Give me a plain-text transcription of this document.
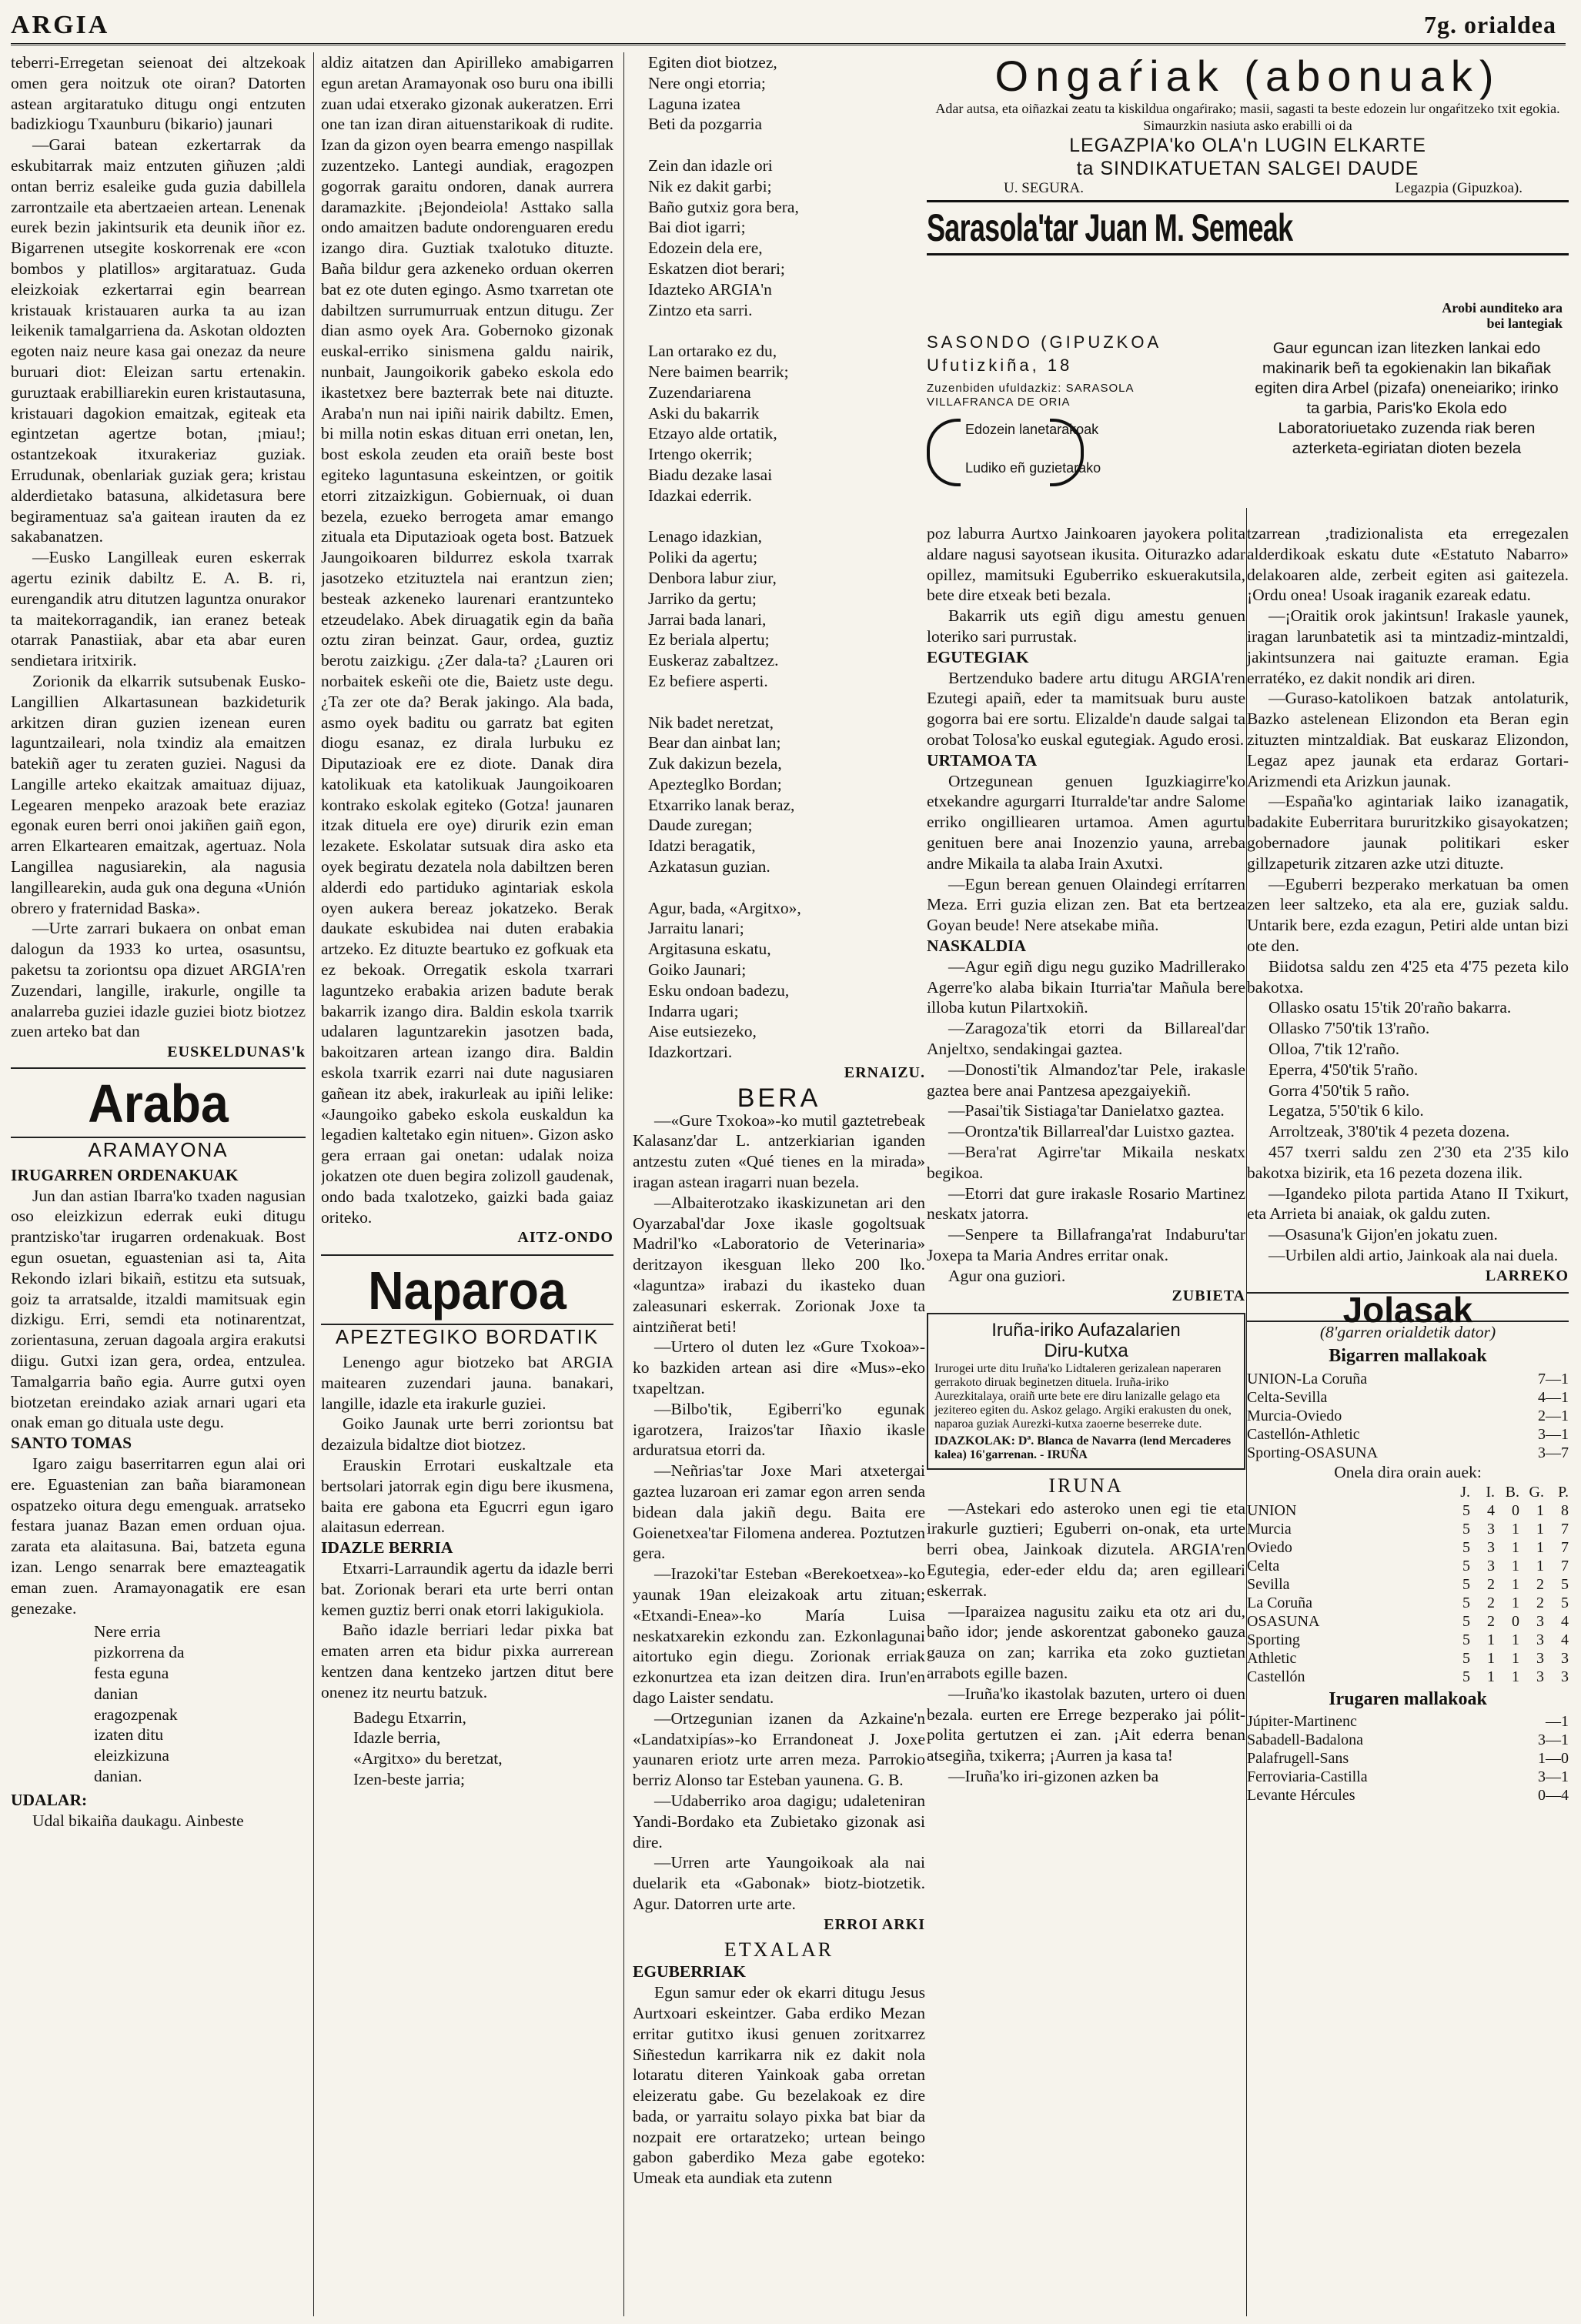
ARGIA	7g. orialdea

teberri-Erregetan seienoat dei altzekoak omen gera noitzuk ote oiran? Datorten astean argitaratuko ditugu ongi entzuten badizkiogu Txaunburu (bikario) jaunari

—Garai batean ezkertarrak da eskubitarrak maiz entzuten giñuzen ;aldi ontan berriz esaleike guda guzia dabillela zarrontzaile eta abertzaeien artean. Lenenak eurek bezin jakintsurik eta deunik iñor ez. Bigarrenen utsegite koskorrenak ere «con bombos y platillos» argitaratuaz. Guda eleizkoiak ezkertarrai egin bearrean kristauak kristauaren aurka ta au izan leikenik tamalgarriena da. Askotan oldozten egoten naiz neure kasa gai onezaz da neure buruari diot: Eleizan sartu ertenakin. guruztaak erabilliarekin euren kristautasuna, kristauari dagokion emaitzak, egiteak eta egintzetan agertze botan, ¡miau!; ostantzekoak itxurakeriaz guziak. Errudunak, obenlariak guziak gera; kristau alderdietako batasuna, alkidetasura bere begiramentuaz sa'a gaitean irauten da ez sakabanatzen.

—Eusko Langilleak euren eskerrak agertu ezinik dabiltz E. A. B. ri, eurengandik atru ditutzen laguntza onurakor ta maitekorragandik, ian eranez beteak otarrak Panastiiak, abar eta abar euren sendietara iritxirik.

Zorionik da elkarrik sutsubenak Eusko-Langillien Alkartasunean bazkideturik arkitzen diran guzien izenean euren laguntzaileari, nola txindiz ala emaitzen batekiñ ager tu zeraten guziei. Nagusi da Langille arteko ekaitzak amaituaz dijuaz, Legearen menpeko arazoak bete eraziaz egonak euren berri onoi jakiñen gaiñ egon, arren Elkartearen emaitzak, agertuaz. Nola Langillea nagusiarekin, ala nagusia langillearekin, auda guk ona deguna «Unión obrero y fraternidad Baska».

—Urte zarrari bukaera on onbat eman dalogun da 1933 ko urtea, osasuntsu, paketsu ta zoriontsu opa dizuet ARGIA'ren Zuzendari, langille, irakurle, ongille ta analarreba guziei idazle guziei biotz biotzez zuen arteko bat dan

EUSKELDUNAS'k
Araba
ARAMAYONA

IRUGARREN ORDENAKUAK

Jun dan astian Ibarra'ko txaden nagusian oso eleizkizun ederrak euki ditugu prantzisko'tar irugarren ordenakuak. Bost egun osuetan, eguastenian asi ta, Aita Rekondo izlari bikaiñ, estitzu eta sutsuak, goiz ta arratsalde, itzaldi mamitsuak egin dizkigu. Erri, semdi eta notinarentzat, zorientasuna, zeruan dagoala argira erakutsi diigu. Gutxi izan gera, ordea, entzulea. Tamalgarria baño egia. Aurre gutxi oyen biotzetan ereindako aziak arnari ugari eta onak eman go dituala uste degu.

SANTO TOMAS

Igaro zaigu baserritarren egun alai ori ere. Eguastenian zan baña biaramonean ospatzeko oitura degu emenguak. arratseko festara juanaz Bazan emen orduan ojua. zarata eta alaitasuna. Bai, batzeta eguna izan. Lengo senarrak bere emazteagatik eman zuen. Aramayonagatik ere esan genezake.

Nere erria
pizkorrena da
festa eguna
danian
eragozpenak
izaten ditu
eleizkizuna
danian.

UDALAR:

Udal bikaiña daukagu. Ainbeste

aldiz aitatzen dan Apirilleko amabigarren egun aretan Aramayonak oso buru ona ibilli zuan udai etxerako gizonak aukeratzen. Erri one tan izan diran aituenstarikoak di rudite. Izan da gizon oyen bearra emengo naspillak zuzentzeko. Lantegi aundiak, eragozpen gogorrak garaitu ondoren, danak aurrera daramazkite. ¡Bejondeiola! Asttako salla ondo amaitzen badute ondorenguaren eredu izango dira. Guztiak txalotuko dituzte. Baña bildur gera azkeneko orduan okerren bat ez ote duten egingo. Asmo txarretan ote dabiltzen surrumurruak entzun ditugu. Zer dian asmo oyek Ara. Gobernoko gizonak euskal-erriko sinismena galdu nairik, nunbait, Jaungoikorik gabeko eskola edo ikastetxez bere bazterrak bete nai dituzte. Araba'n nun nai ipiñi nairik dabiltz. Emen, bi milla notin eskas dituan erri onetan, len, bost eskola zeuden eta oraiñ beste bost egiteko laguntasuna eskeintzen, or goitik etorri zitzaizkigun. Gobiernuak, oi duan bezela, ezueko berrogeta amar emango zituala eta Diputazioak ogeta bost. Batzuek Jaungoikoaren bildurrez eskola txarrak jasotzeko etzituztela nai erantzun zien; besteak azkeneko laurenari erantzunteko etzeudelako. Abek diruagatik egin da baña oztu ziran beinzat. Gaur, ordea, guztiz berotu zaizkigu. ¿Zer dala-ta? ¿Lauren ori norbaitek eskeñi ote die, Baietz uste degu. ¿Ta zer ote da? Berak jakingo. Ala bada, asmo oyek baditu ou garratz bat egiten diogu esanaz, ez dirala lurbuku ez Diputazioak ere ez diote. Danak dira katolikuak eta katolikuak Jaungoikoaren kontrako eskolak egiteko (Gotza! jaunaren itzak dituela ere oye) dirurik ezin eman lezakete. Eskolatar sutsuak dira asko eta oyek begiratu dezatela nola dabiltzen beren alderdi edo partiduko agintariak eskola oyen aukera bereaz jokatzeko. Berak daukate eskubidea nai duten erabakia artzeko. Ez dituzte beartuko ez gofkuak eta ez bekoak. Orregatik eskola txarrari laguntzeko erabakia arizen badute berak bakarrik izango dira. Baldin eskola txarrik udalaren laguntzarekin jasotzen bada, bakoitzaren artean izango dira. Baldin eskola txarrik ezarri nai dute nagusiaren gañean itz abek, irakurleak au ipiñi lelike: «Jaungoiko gabeko eskola euskaldun ka legadien kaltetako egin nituen». Gizon asko gera erraan gai onetan: udalak noiza jokatzen ote duen begira zolizoll gaudenak, ondo bada txalotzeko, gaizki bada gaiaz oriteko.

AITZ-ONDO
Naparoa
APEZTEGIKO BORDATIK

Lenengo agur biotzeko bat ARGIA maitearen zuzendari jauna. banakari, langille, idazle eta irakurle guziei.

Goiko Jaunak urte berri zoriontsu bat dezaizula bidaltze diot biotzez.

Erauskin Errotari euskaltzale eta bertsolari jatorrak egin digu bere ikusmena, baita ere gabona eta Egucrri egun igaro alaitasun ederrean.

IDAZLE BERRIA

Etxarri-Larraundik agertu da idazle berri bat. Zorionak berari eta urte berri ontan kemen guztiz berri onak etorri lakigukiola.

Baño idazle berriari ledar pixka bat ematen arren eta bidur pixka aurrerean kentzen dana kentzeko jartzen ditut bere onenez itz neurtu batzuk.

Badegu Etxarrin,
Idazle berria,
«Argitxo» du beretzat,
Izen-beste jarria;
Egiten diot biotzez,
Nere ongi etorria;
Laguna izatea
Beti da pozgarria

Zein dan idazle ori
Nik ez dakit garbi;
Baño gutxiz gora bera,
Bai diot igarri;
Edozein dela ere,
Eskatzen diot berari;
Idazteko ARGIA'n
Zintzo eta sarri.

Lan ortarako ez du,
Nere baimen bearrik;
Zuzendariarena
Aski du bakarrik
Etzayo alde ortatik,
Irtengo okerrik;
Biadu dezake lasai
Idazkai ederrik.

Lenago idazkian,
Poliki da agertu;
Denbora labur ziur,
Jarriko da gertu;
Jarrai bada lanari,
Ez beriala alpertu;
Euskeraz zabaltzez.
Ez befiere asperti.

Nik badet neretzat,
Bear dan ainbat lan;
Zuk dakizun bezela,
Apezteglko Bordan;
Etxarriko lanak beraz,
Daude zuregan;
Idatzi beragatik,
Azkatasun guzian.

Agur, bada, «Argitxo»,
Jarraitu lanari;
Argitasuna eskatu,
Goiko Jaunari;
Esku ondoan badezu,
Indarra ugari;
Aise eutsiezeko,
Idazkortzari.
ERNAIZU.
BERA

—«Gure Txokoa»-ko mutil gaztetrebeak Kalasanz'dar L. antzerkiarian iganden antzestu zuten «Qué tienes en la mirada» iragan astean iragarri nuan bezela.

—Albaiterotzako ikaskizunetan ari den Oyarzabal'dar Joxe ikasle gogoltsuak Madril'ko «Laboratorio de Veterinaria» deritzayon ikesguan lleko 200 lko. «laguntza» irabazi du ikasteko duan zaleasunari eskerrak. Zorionak Joxe ta aintziñerat beti!

—Urtero ol duten lez «Gure Txokoa»-ko bazkiden artean asi dire «Mus»-eko txapeltzan.

—Bilbo'tik, Egiberri'ko egunak igarotzera, Iraizos'tar Iñaxio ikasle arduratsua etorri da.

—Neñrias'tar Joxe Mari atxetergai gaztea luzaroan eri zamar egon arren senda bidean dala jakiñ degu. Baita ere Goienetxea'tar Filomena anderea. Poztutzen gera.

—Irazoki'tar Esteban «Berekoetxea»-ko yaunak 19an eleizakoak artu zituan; «Etxandi-Enea»-ko María Luisa neskatxarekin ezkondu zan. Ezkonlagunai aitortuko egin diegu. Zorionak erriak ezkonurtzea eta izan deitzen dira. Irun'en dago Laister sendatu.

—Ortzegunian izanen da Azkaine'n «Landatxipías»-ko Errandoneat J. Joxe yaunaren eriotz urte arren meza. Parrokio berriz Alonso tar Esteban yaunena. G. B.

—Udaberriko aroa dagigu; udaleteniran Yandi-Bordako eta Zubietako gizonak asi dire.

—Urren arte Yaungoikoak ala nai duelarik eta «Gabonak» biotz-biotzetik. Agur. Datorren urte arte.

ERROI ARKI
ETXALAR

EGUBERRIAK

Egun samur eder ok ekarri ditugu Jesus Aurtxoari eskeintzer. Gaba erdiko Mezan erritar gutitxo ikusi genuen zoritxarrez Siñestedun karrikarra nik ez dakit nola lotaratu diteren Yainkoak gaba orretan eleizeratu gabe. Gu bezelakoak ez dire bada, or yarraitu solayo pixka bat biar da nozpait ere ortaratzeko; urtean beingo gabon gaberdiko Meza gabe egoteko: Umeak eta aundiak eta zutenn

Ongaŕiak (abonuak)
Adar autsa, eta oiñazkai zeatu ta kiskildua ongaŕirako; masii, sagasti ta beste edozein lur ongaŕitzeko txit egokia. Simaurzkin nasiuta asko erabilli oi da
LEGAZPIA'ko OLA'n LUGIN ELKARTE
ta SINDIKATUETAN SALGEI DAUDE
U. SEGURA.	Legazpia (Gipuzkoa).
Sarasola'tar Juan M. Semeak
SASONDO (GIPUZKOA
Ufutizkiña, 18
Zuzenbiden ufuldazkiz: SARASOLA
VILLAFRANCA DE ORIA
Edozein lanetarakoak
Ludiko eñ guzietarako
Arobi aunditeko ara
bei lantegiak
Gaur eguncan izan litezken lankai edo makinarik beñ ta egokienakin lan bikañak egiten dira Arbel (pizafa) oneneiariko; irinko ta garbia, Paris'ko Ekola edo Laboratoriuetako zuzenda riak beren azterketa-egiriatan dioten bezela

poz laburra Aurtxo Jainkoaren jayokera polita aldare nagusi sayotsean ikusita. Oiturazko adar opillez, mamitsuki Eguberriko eskuerakutsila, bete dire etxeak beti bezala.

Bakarrik uts egiñ digu amestu genuen loteriko sari purrustak.

EGUTEGIAK

Bertzenduko badere artu ditugu ARGIA'ren Ezutegi apaiñ, eder ta mamitsuak buru auste gogorra bai ere sortu. Elizalde'n daude salgai ta orobat Tolosa'ko euskal egutegiak. Agudo erosi.

URTAMOA TA

Ortzegunean genuen Iguzkiagirre'ko etxekandre agurgarri Iturralde'tar andre Salome erriko ongilliearen urtamoa. Amen agurtu genituen bere anai Inozenzio yauna, arreba andre Mikaila ta alaba Irain Axutxi.

—Egun berean genuen Olaindegi errítarren Meza. Erri guzia elizan zen. Bat eta bertzea Goyan beude! Nere atsekabe miña.

NASKALDIA

—Agur egiñ digu negu guziko Madrillerako Agerre'ko alaba bikain Iturria'tar Mañula bere illoba kutun Pilartxokiñ.

—Zaragoza'tik etorri da Billareal'dar Anjeltxo, sendakingai gaztea.

—Donosti'tik Almandoz'tar Pele, irakasle gaztea bere anai Pantzesa apezgaiyekiñ.

—Pasai'tik Sistiaga'tar Danielatxo gaztea.

—Orontza'tik Billarreal'dar Luistxo gaztea.

—Bera'rat Agirre'tar Mikaila neskatx begikoa.

—Etorri dat gure irakasle Rosario Martinez neskatx jatorra.

—Senpere ta Billafranga'rat Indaburu'tar Joxepa ta Maria Andres erritar onak.

Agur ona guziori.

ZUBIETA
Iruña-iriko Aufazalarien
Diru-kutxa
Irurogei urte ditu Iruña'ko Lidtaleren gerizalean naperaren gerrakoto diruak beginetzen dituela. Iruña-iriko Aurezkitalaya, oraiñ urte bete ere diru lanizalle gelago eta jezitereo egiten du. Askoz gelago. Argiki erakusten du onek, naparoa guziak Aurezki-kutxa zaoerne beserreke dute.
IDAZKOLAK: Dª. Blanca de Navarra (lend Mercaderes kalea) 16'garrenan. - IRUÑA
IRUNA

—Astekari edo asteroko unen egi tie eta irakurle guztieri; Eguberri on-onak, eta urte berri obea, Jainkoak dizutela. ARGIA'ren Egutegia, eder-eder eldu da; aren egilleari eskerrak.

—Iparaizea nagusitu zaiku eta otz ari du, baño idor; jende askorentzat gaboneko gauza gauza on zan; karrika eta zoko guztietan arrabots egille bazen.

—Iruña'ko ikastolak bazuten, urtero oi duen bezala. eurten ere Errege bezperako jai pólit-polita gertutzen ei zan. ¡Ait ederra benan atsegiña, txikerra; ¡Aurren ja kasa ta!

—Iruña'ko iri-gizonen azken ba

tzarrean ,tradizionalista eta erregezalen alderdikoak eskatu dute «Estatuto Nabarro» delakoaren alde, zerbeit egiten asi gaitezela. ¡Ordu onea! Usoak iraganik ezareak edatu.

—¡Oraitik orok jakintsun! Irakasle yaunek, iragan larunbatetik asi ta mintzadiz-mintzaldi, jakintsunzera nai gaituzte eraman. Egia erratéko, ez dakit nondik ari diren.

—Guraso-katolikoen batzak antolaturik, Bazko astelenean Elizondon eta Beran egin zituzten mintzaldiak. Bat euskaraz Elizondon, Legaz apez jaunak eta erdaraz Gortari-Arizmendi eta Arizkun jaunak.

—España'ko agintariak laiko izanagatik, badakite Euberritara bururitzkiko gisayokatzen; gobernadore jaunak politikari esker gillzapeturik zitzaren azke utzi dituzte.

—Eguberri bezperako merkatuan ba omen zen leer saltzeko, eta ala ere, guziak saldu. Untarik bere, ezda ezagun, Petiri alde untan bizi ote den.

Biidotsa saldu zen 4'25 eta 4'75 pezeta kilo bakotxa.

Ollasko osatu 15'tik 20'raño bakarra.

Ollasko 7'50'tik 13'raño.

Olloa, 7'tik 12'raño.

Eperra, 4'50'tik 5'raño.

Gorra 4'50'tik 5 raño.

Legatza, 5'50'tik 6 kilo.

Arroltzeak, 3'80'tik 4 pezeta dozena.

457 txerri saldu zen 2'30 eta 2'35 kilo bakotxa bizirik, eta 16 pezeta dozena ilik.

—Igandeko pilota partida Atano II Txikurt, eta Arrieta bi anaiak, ok galdu zuten.

—Osasuna'k Gijon'en jokatu zuen.

—Urbilen aldi artio, Jainkoak ala nai duela.

LARREKO
Jolasak
(8'garren orialdetik dator)
Bigarren mallakoak
UNION-La Coruña	7—1
Celta-Sevilla	4—1
Murcia-Oviedo	2—1
Castellón-Athletic	3—1
Sporting-OSASUNA	3—7
Onela dira orain auek:
	J.	I.	B.	G.	P.
UNION	5	4	0	1	8
Murcia	5	3	1	1	7
Oviedo	5	3	1	1	7
Celta	5	3	1	1	7
Sevilla	5	2	1	2	5
La Coruña	5	2	1	2	5
OSASUNA	5	2	0	3	4
Sporting	5	1	1	3	4
Athletic	5	1	1	3	3
Castellón	5	1	1	3	3
Irugaren mallakoak
Júpiter-Martinenc	—1
Sabadell-Badalona	3—1
Palafrugell-Sans	1—0
Ferroviaria-Castilla	3—1
Levante Hércules	0—4
